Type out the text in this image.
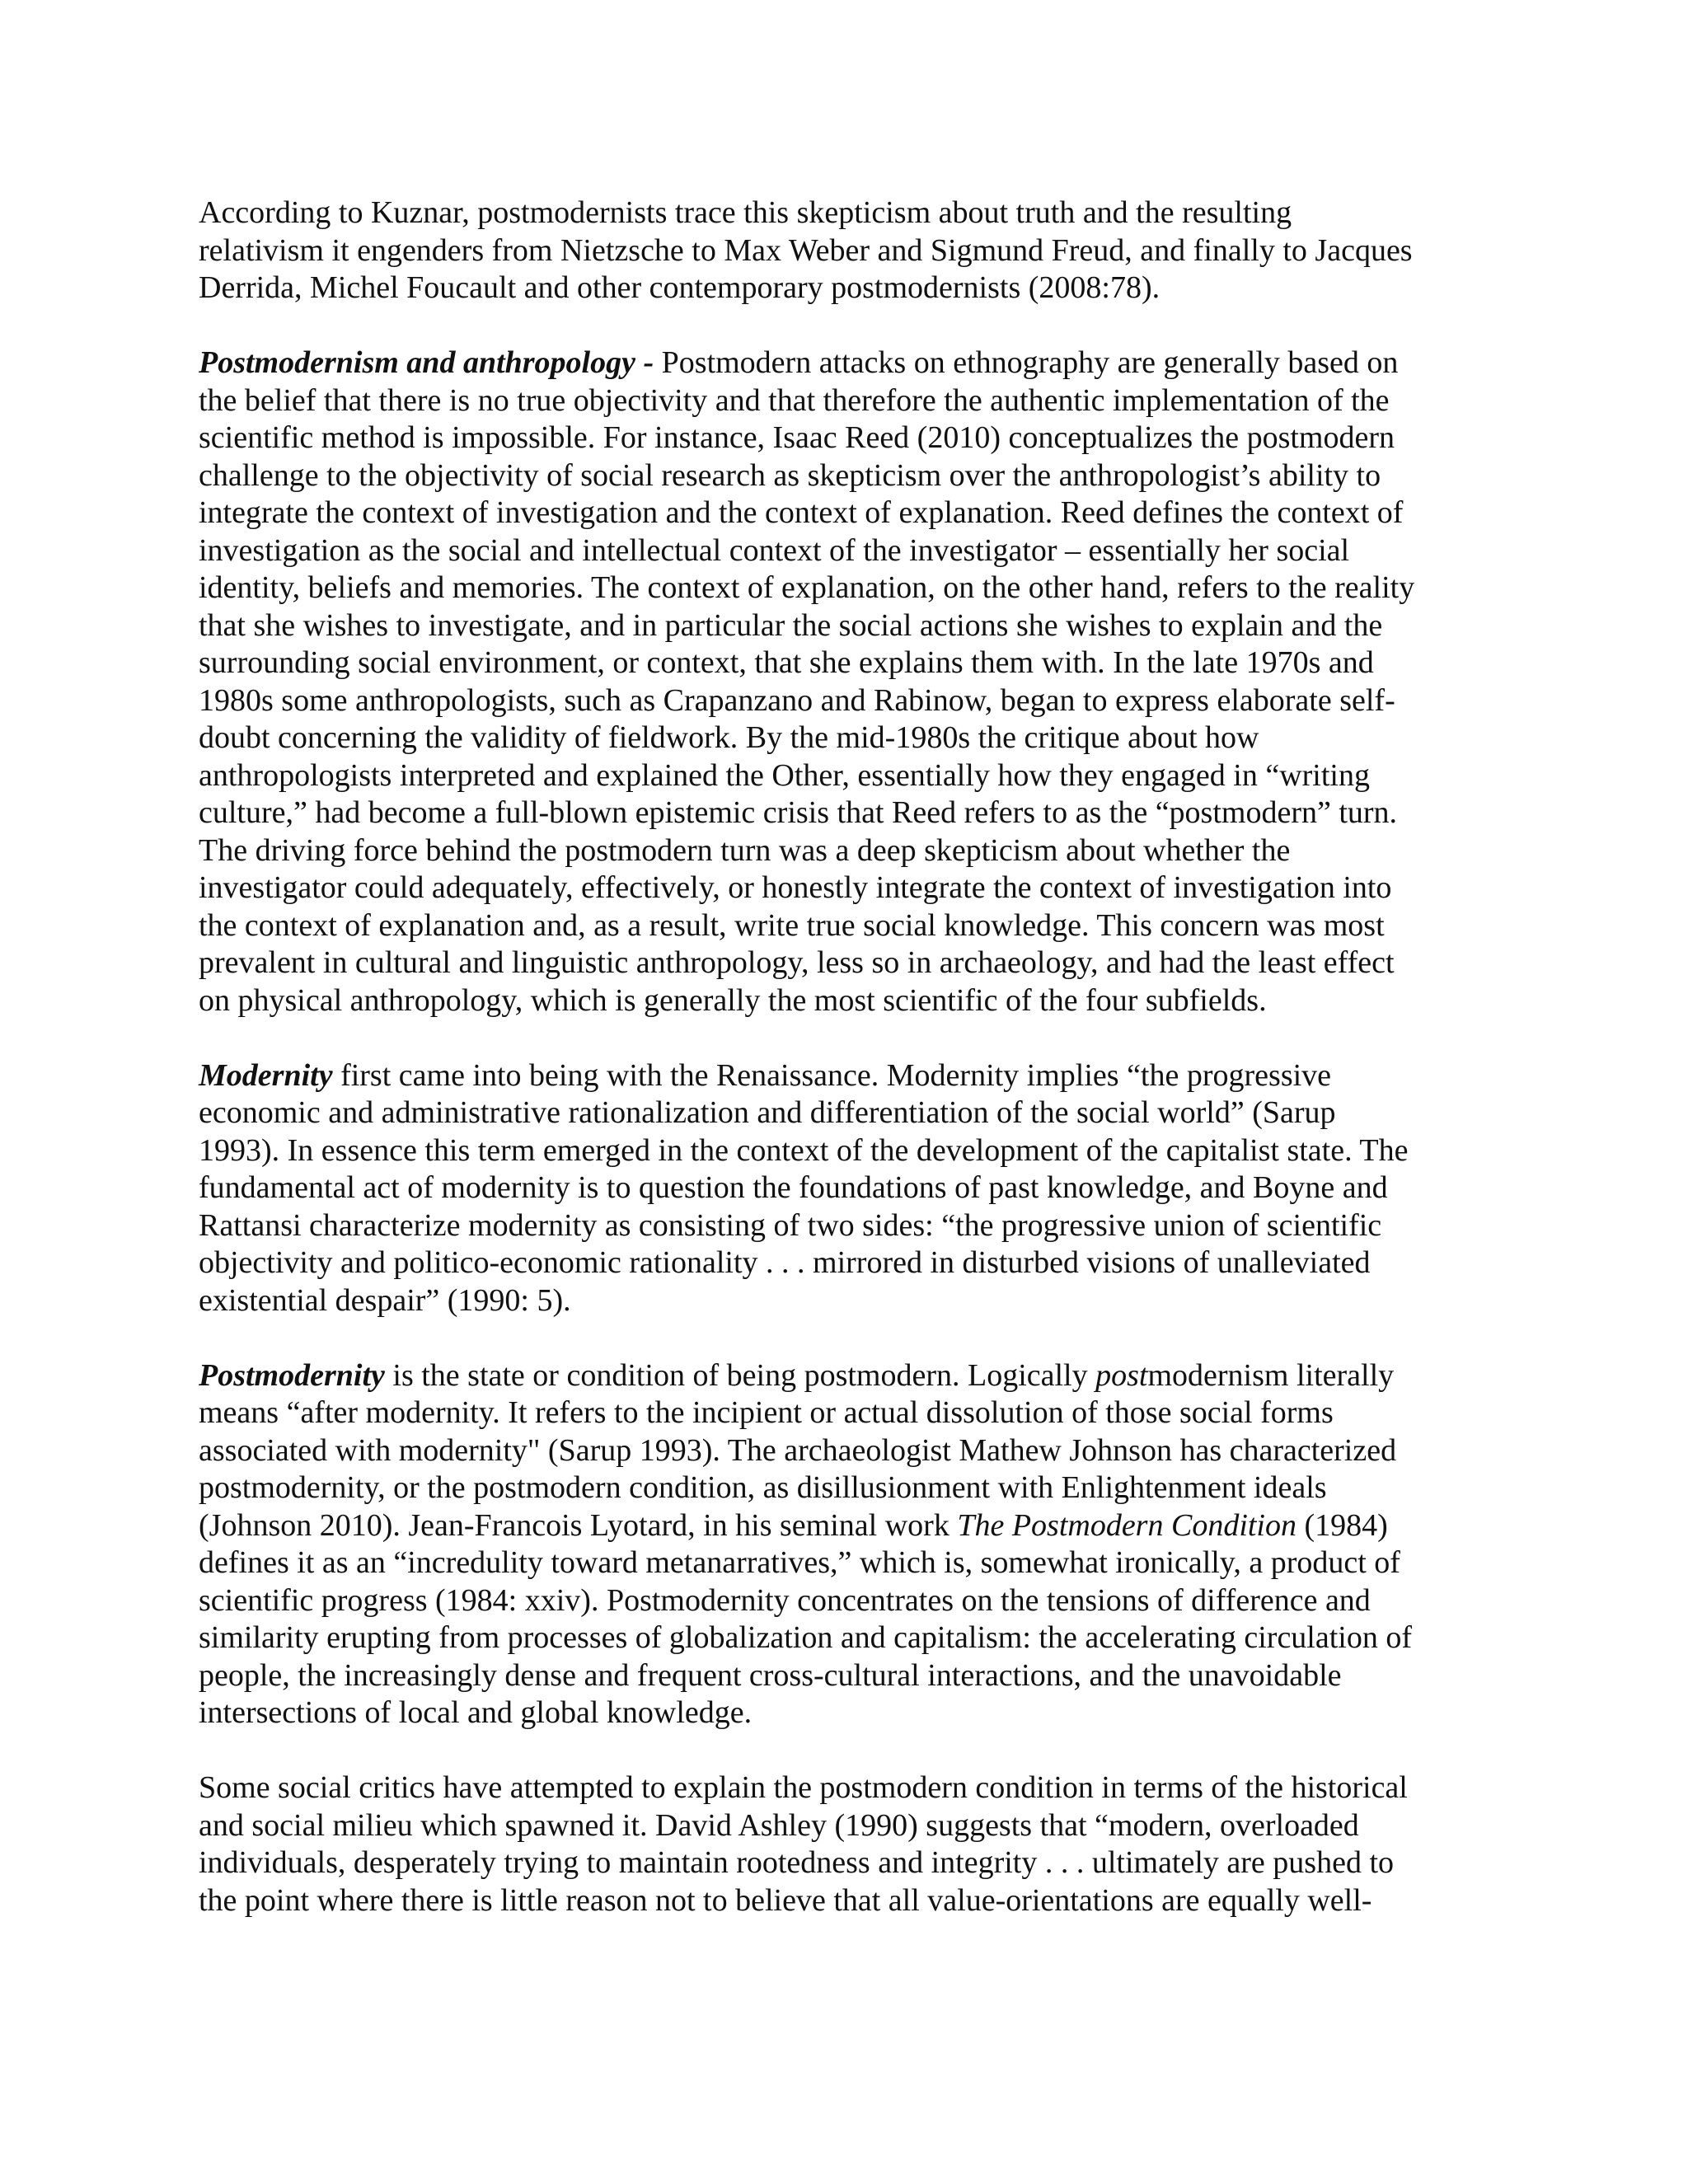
According to Kuznar, postmodernists trace this skepticism about truth and the resulting
relativism it engenders from Nietzsche to Max Weber and Sigmund Freud, and finally to Jacques
Derrida, Michel Foucault and other contemporary postmodernists (2008:78).

Postmodernism and anthropology - Postmodern attacks on ethnography are generally based on
the belief that there is no true objectivity and that therefore the authentic implementation of the
scientific method is impossible. For instance, Isaac Reed (2010) conceptualizes the postmodern
challenge to the objectivity of social research as skepticism over the anthropologist’s ability to
integrate the context of investigation and the context of explanation. Reed defines the context of
investigation as the social and intellectual context of the investigator – essentially her social
identity, beliefs and memories. The context of explanation, on the other hand, refers to the reality
that she wishes to investigate, and in particular the social actions she wishes to explain and the
surrounding social environment, or context, that she explains them with. In the late 1970s and
1980s some anthropologists, such as Crapanzano and Rabinow, began to express elaborate self-
doubt concerning the validity of fieldwork. By the mid-1980s the critique about how
anthropologists interpreted and explained the Other, essentially how they engaged in “writing
culture,” had become a full-blown epistemic crisis that Reed refers to as the “postmodern” turn.
The driving force behind the postmodern turn was a deep skepticism about whether the
investigator could adequately, effectively, or honestly integrate the context of investigation into
the context of explanation and, as a result, write true social knowledge. This concern was most
prevalent in cultural and linguistic anthropology, less so in archaeology, and had the least effect
on physical anthropology, which is generally the most scientific of the four subfields.

Modernity first came into being with the Renaissance. Modernity implies “the progressive
economic and administrative rationalization and differentiation of the social world” (Sarup
1993). In essence this term emerged in the context of the development of the capitalist state. The
fundamental act of modernity is to question the foundations of past knowledge, and Boyne and
Rattansi characterize modernity as consisting of two sides: “the progressive union of scientific
objectivity and politico-economic rationality . . . mirrored in disturbed visions of unalleviated
existential despair” (1990: 5).

Postmodernity is the state or condition of being postmodern. Logically postmodernism literally
means “after modernity. It refers to the incipient or actual dissolution of those social forms
associated with modernity" (Sarup 1993). The archaeologist Mathew Johnson has characterized
postmodernity, or the postmodern condition, as disillusionment with Enlightenment ideals
(Johnson 2010). Jean-Francois Lyotard, in his seminal work The Postmodern Condition (1984)
defines it as an “incredulity toward metanarratives,” which is, somewhat ironically, a product of
scientific progress (1984: xxiv). Postmodernity concentrates on the tensions of difference and
similarity erupting from processes of globalization and capitalism: the accelerating circulation of
people, the increasingly dense and frequent cross-cultural interactions, and the unavoidable
intersections of local and global knowledge.

Some social critics have attempted to explain the postmodern condition in terms of the historical
and social milieu which spawned it. David Ashley (1990) suggests that “modern, overloaded
individuals, desperately trying to maintain rootedness and integrity . . . ultimately are pushed to
the point where there is little reason not to believe that all value-orientations are equally well-
